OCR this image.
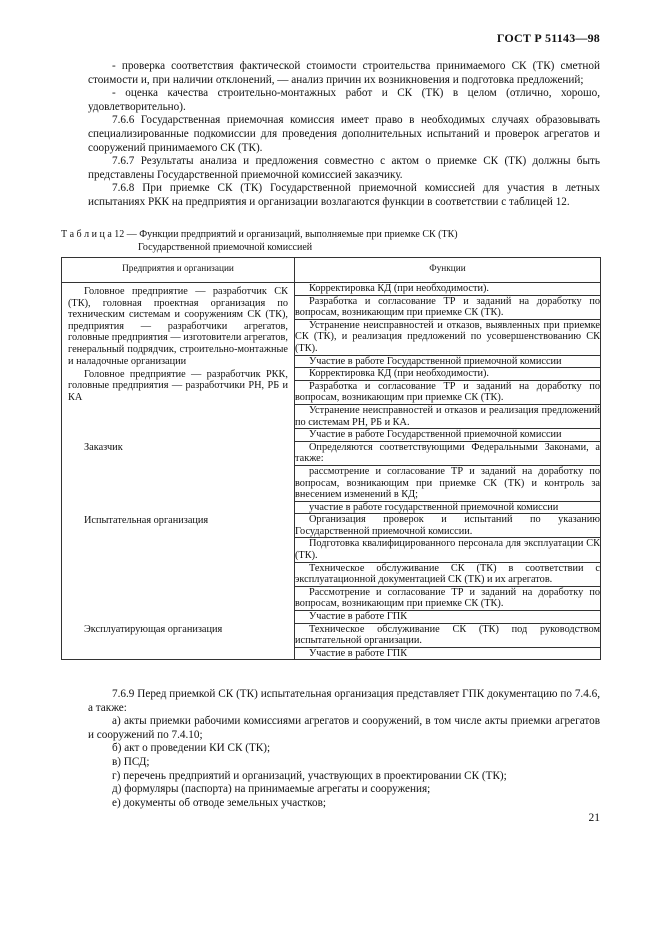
ГОСТ Р 51143—98

- проверка соответствия фактической стоимости строительства принимаемого СК (ТК) сметной стоимости и, при наличии отклонений, — анализ причин их возникновения и подготовка предложений;

- оценка качества строительно-монтажных работ и СК (ТК) в целом (отлично, хорошо, удовлетворительно).

7.6.6 Государственная приемочная комиссия имеет право в необходимых случаях образовывать специализированные подкомиссии для проведения дополнительных испытаний и проверок агрегатов и сооружений принимаемого СК (ТК).

7.6.7 Результаты анализа и предложения совместно с актом о приемке СК (ТК) должны быть представлены Государственной приемочной комиссией заказчику.

7.6.8 При приемке СК (ТК) Государственной приемочной комиссией для участия в летных испытаниях РКК на предприятия и организации возлагаются функции в соответствии с таблицей 12.

Т а б л и ц а 12 — Функции предприятий и организаций, выполняемые при приемке СК (ТК)
Государственной приемочной комиссией
Предприятия и организации	Функции

Головное предприятие — разработчик СК (ТК), головная проектная организация по техническим системам и сооружениям СК (ТК), предприятия — разработчики агрегатов, головные предприятия — изготовители агрегатов, генеральный подрядчик, строительно-монтажные и наладочные организации	Корректировка КД (при необходимости).

	Разработка и согласование ТР и заданий на доработку по вопросам, возникающим при приемке СК (ТК).

	Устранение неисправностей и отказов, выявленных при приемке СК (ТК), и реализация предложений по усовершенствованию СК (ТК).

	Участие в работе Государственной приемочной комиссии

Головное предприятие — разработчик РКК, головные предприятия — разработчики РН, РБ и КА	Корректировка КД (при необходимости).

	Разработка и согласование ТР и заданий на доработку по вопросам, возникающим при приемке СК (ТК).

	Устранение неисправностей и отказов и реализация предложений по системам РН, РБ и КА.

	Участие в работе Государственной приемочной комиссии

Заказчик	Определяются соответствующими Федеральными Законами, а также:

	рассмотрение и согласование ТР и заданий на доработку по вопросам, возникающим при приемке СК (ТК) и контроль за внесением изменений в КД;

	участие в работе государственной приемочной комиссии

Испытательная организация	Организация проверок и испытаний по указанию Государственной приемочной комиссии.

	Подготовка квалифицированного персонала для эксплуатации СК (ТК).

	Техническое обслуживание СК (ТК) в соответствии с эксплуатационной документацией СК (ТК) и их агрегатов.

	Рассмотрение и согласование ТР и заданий на доработку по вопросам, возникающим при приемке СК (ТК).

	Участие в работе ГПК

Эксплуатирующая организация	Техническое обслуживание СК (ТК) под руководством испытательной организации.

	Участие в работе ГПК

7.6.9 Перед приемкой СК (ТК) испытательная организация представляет ГПК документацию по 7.4.6, а также:

а) акты приемки рабочими комиссиями агрегатов и сооружений, в том числе акты приемки агрегатов и сооружений по 7.4.10;

б) акт о проведении КИ СК (ТК);

в) ПСД;

г) перечень предприятий и организаций, участвующих в проектировании СК (ТК);

д) формуляры (паспорта) на принимаемые агрегаты и сооружения;

е) документы об отводе земельных участков;

21
